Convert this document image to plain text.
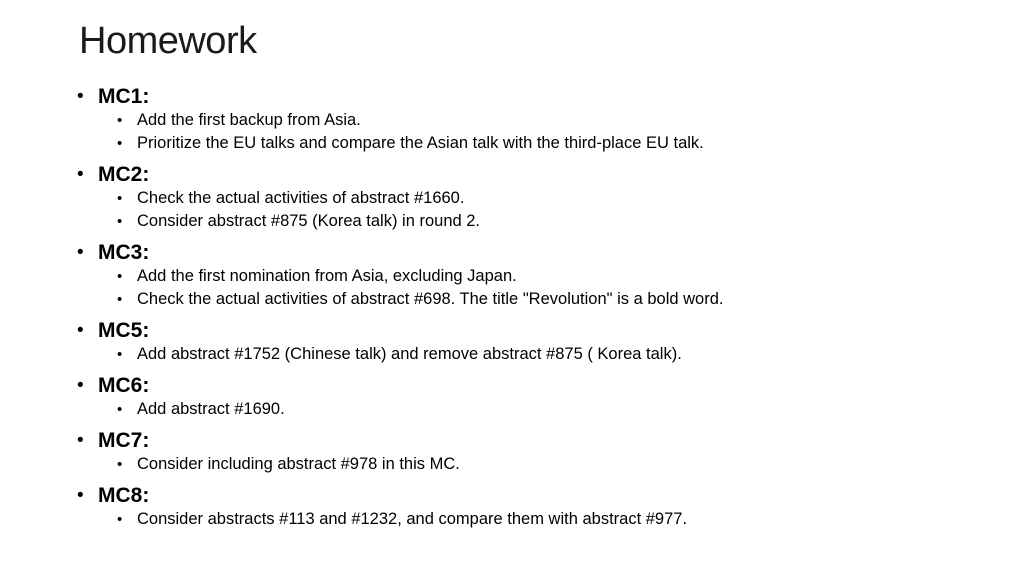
Homework
• MC1:
• Add the first backup from Asia.
• Prioritize the EU talks and compare the Asian talk with the third-place EU talk.
• MC2:
• Check the actual activities of abstract #1660.
• Consider abstract #875 (Korea talk) in round 2.
• MC3:
• Add the first nomination from Asia, excluding Japan.
• Check the actual activities of abstract #698. The title "Revolution" is a bold word.
• MC5:
• Add abstract #1752 (Chinese talk) and remove abstract #875 ( Korea talk).
• MC6:
• Add abstract #1690.
• MC7:
• Consider including abstract #978 in this MC.
• MC8:
• Consider abstracts #113 and #1232, and compare them with abstract #977.
